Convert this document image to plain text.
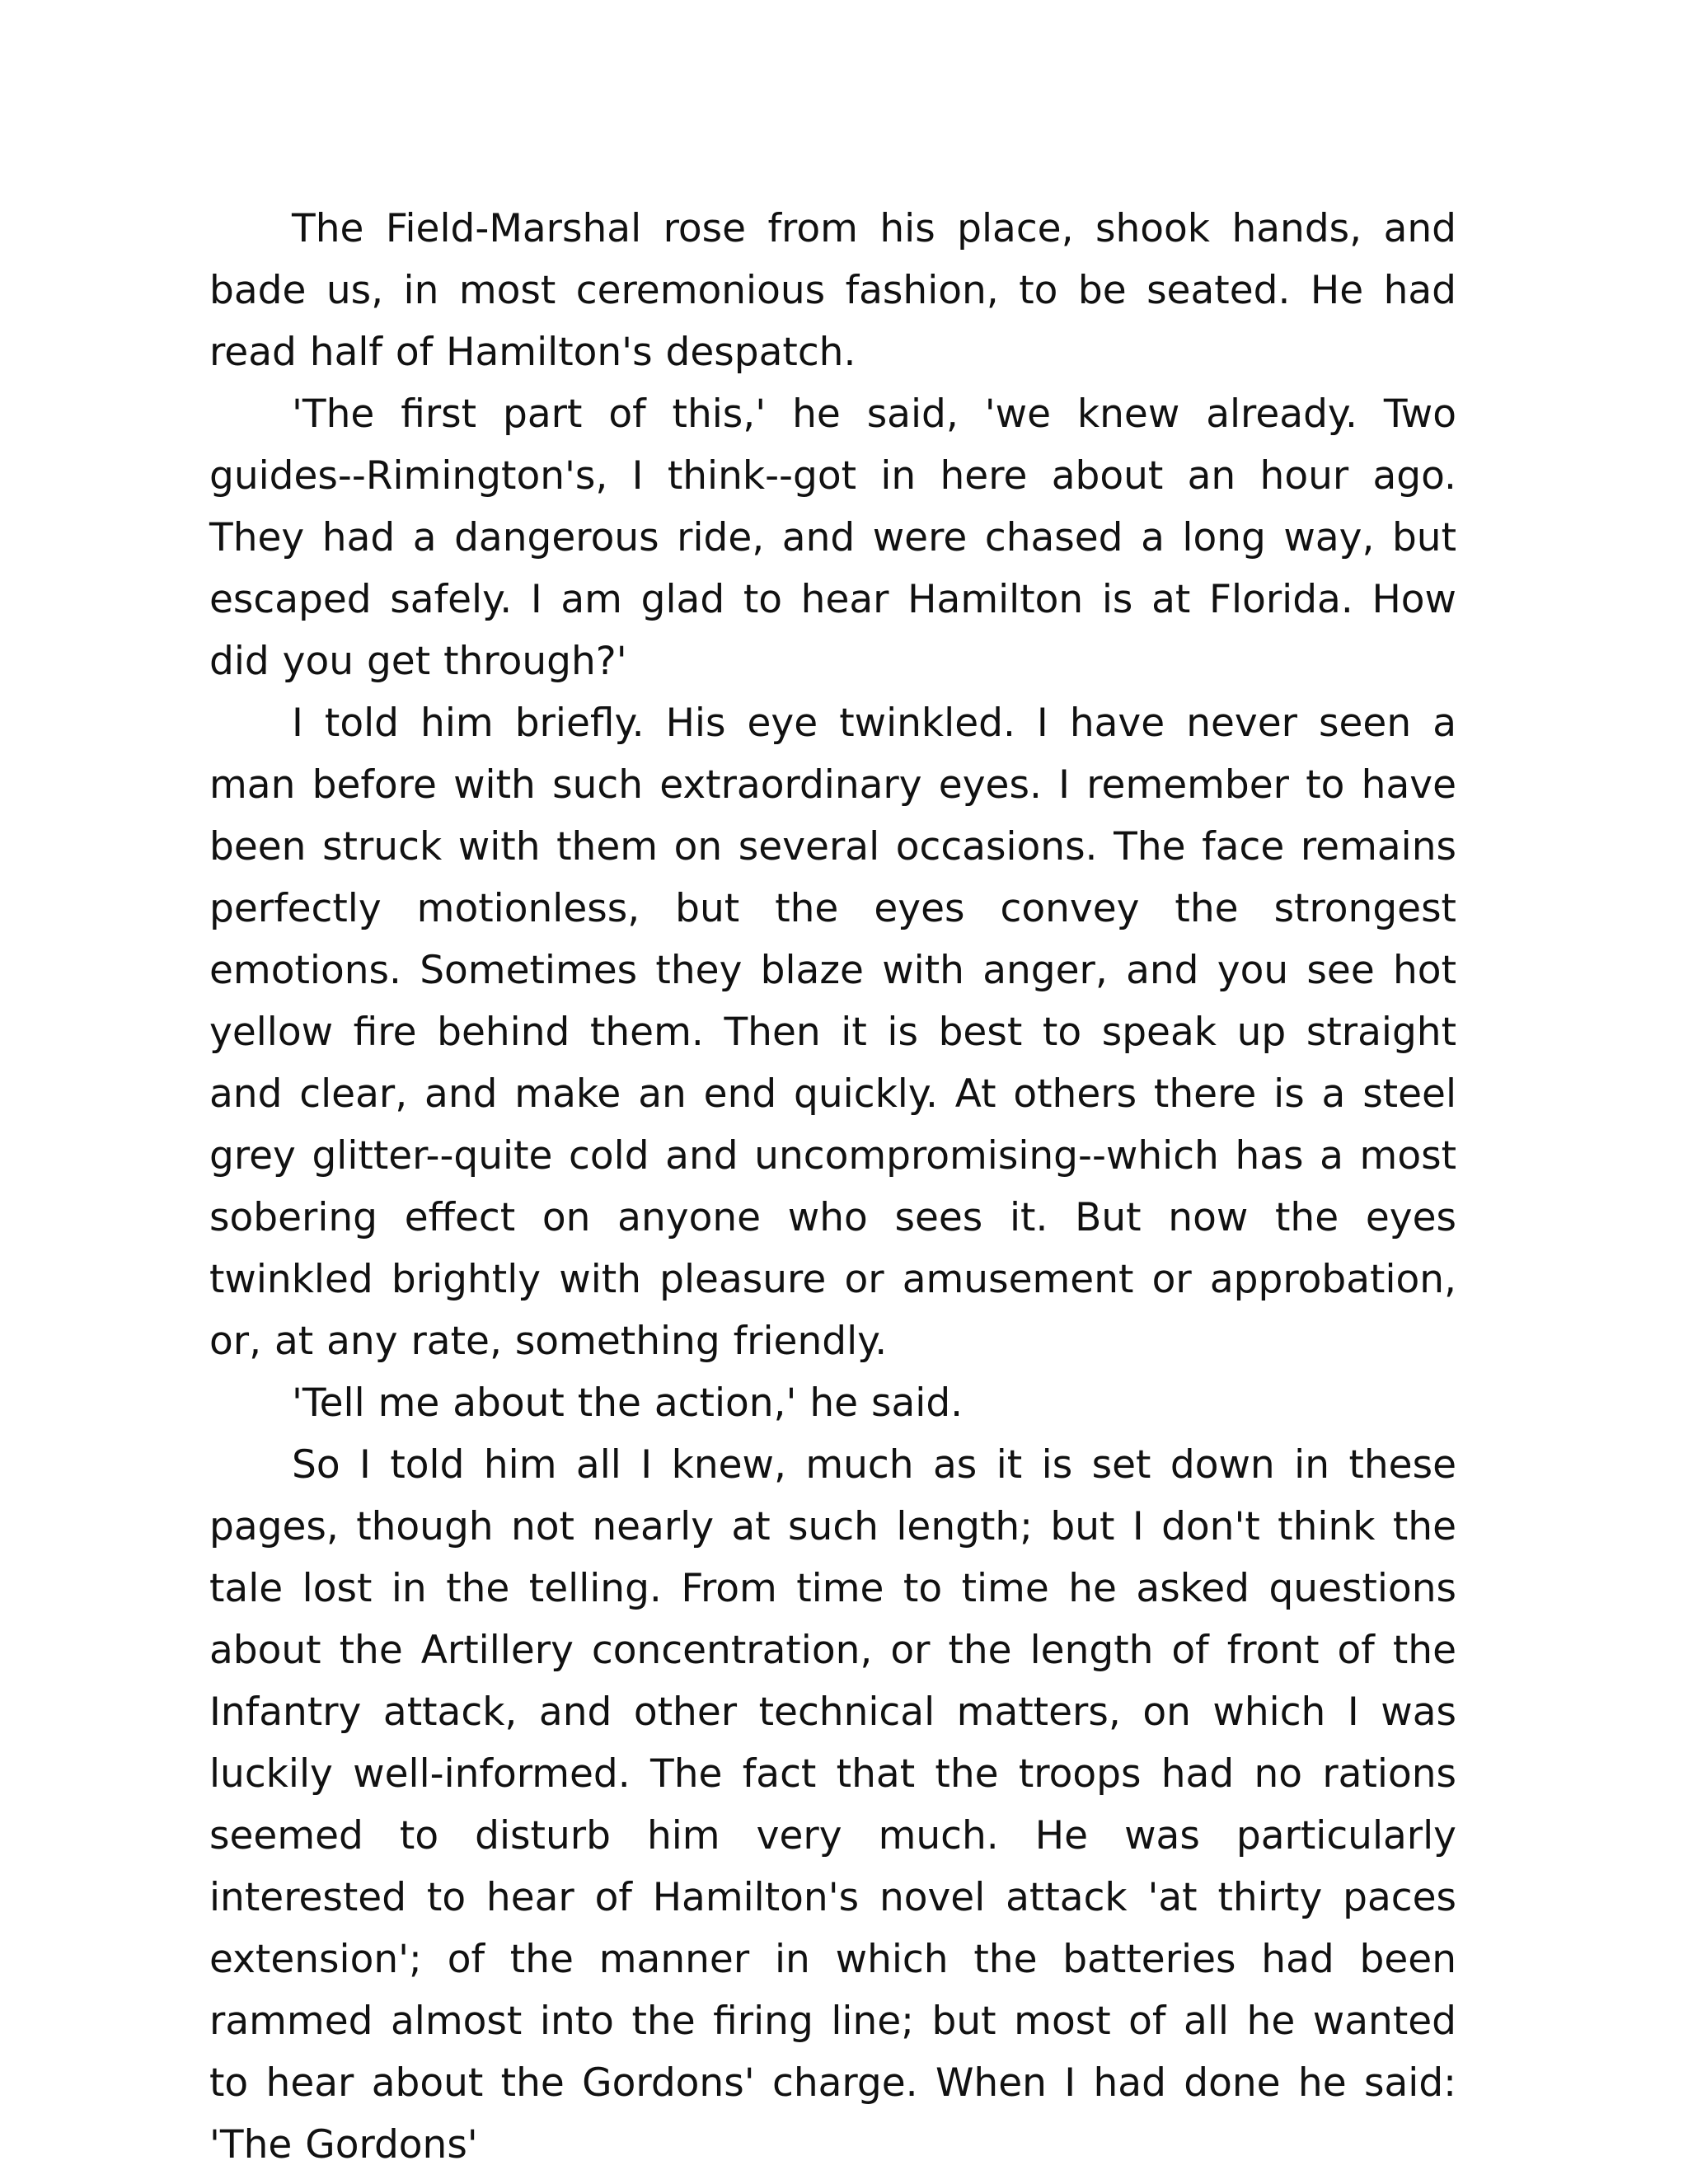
The Field-Marshal rose from his place, shook hands, and bade us, in most ceremonious fashion, to be seated. He had read half of Hamilton's despatch.

'The first part of this,' he said, 'we knew already. Two guides--Rimington's, I think--got in here about an hour ago. They had a dangerous ride, and were chased a long way, but escaped safely. I am glad to hear Hamilton is at Florida. How did you get through?'

I told him briefly. His eye twinkled. I have never seen a man before with such extraordinary eyes. I remember to have been struck with them on several occasions. The face remains perfectly motionless, but the eyes convey the strongest emotions. Sometimes they blaze with anger, and you see hot yellow fire behind them. Then it is best to speak up straight and clear, and make an end quickly. At others there is a steel grey glitter--quite cold and uncompromising--which has a most sobering effect on anyone who sees it. But now the eyes twinkled brightly with pleasure or amusement or approbation, or, at any rate, something friendly.

'Tell me about the action,' he said.

So I told him all I knew, much as it is set down in these pages, though not nearly at such length; but I don't think the tale lost in the telling. From time to time he asked questions about the Artillery concentration, or the length of front of the Infantry attack, and other technical matters, on which I was luckily well-informed. The fact that the troops had no rations seemed to disturb him very much. He was particularly interested to hear of Hamilton's novel attack 'at thirty paces extension'; of the manner in which the batteries had been rammed almost into the firing line; but most of all he wanted to hear about the Gordons' charge. When I had done he said: 'The Gordons'
